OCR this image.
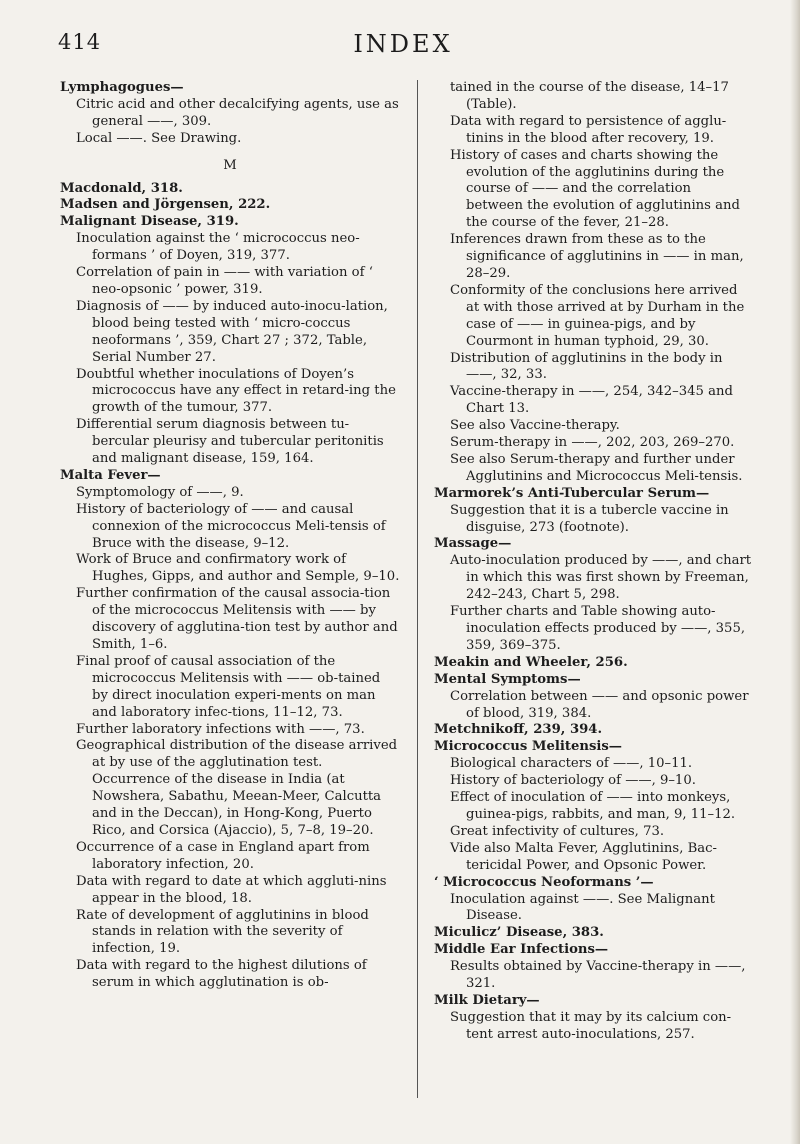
414	INDEX
Lymphagogues—
Citric acid and other decalcifying agents, use as general ——, 309.
Local ——. See Drawing.
M
Macdonald, 318.
Madsen and Jörgensen, 222.
Malignant Disease, 319.
Inoculation against the ‘ micrococcus neo-formans ’ of Doyen, 319, 377.
Correlation of pain in —— with variation of ‘ neo-opsonic ’ power, 319.
Diagnosis of —— by induced auto-inocu-lation, blood being tested with ‘ micro-coccus neoformans ’, 359, Chart 27 ; 372, Table, Serial Number 27.
Doubtful whether inoculations of Doyen’s micrococcus have any effect in retard-ing the growth of the tumour, 377.
Differential serum diagnosis between tu-bercular pleurisy and tubercular peritonitis and malignant disease, 159, 164.
Malta Fever—
Symptomology of ——, 9.
History of bacteriology of —— and causal connexion of the micrococcus Meli-tensis of Bruce with the disease, 9–12.
Work of Bruce and confirmatory work of Hughes, Gipps, and author and Semple, 9–10.
Further confirmation of the causal associa-tion of the micrococcus Melitensis with —— by discovery of agglutina-tion test by author and Smith, 1–6.
Final proof of causal association of the micrococcus Melitensis with —— ob-tained by direct inoculation experi-ments on man and laboratory infec-tions, 11–12, 73.
Further laboratory infections with ——, 73.
Geographical distribution of the disease arrived at by use of the agglutination test. Occurrence of the disease in India (at Nowshera, Sabathu, Meean-Meer, Calcutta and in the Deccan), in Hong-Kong, Puerto Rico, and Corsica (Ajaccio), 5, 7–8, 19–20.
Occurrence of a case in England apart from laboratory infection, 20.
Data with regard to date at which aggluti-nins appear in the blood, 18.
Rate of development of agglutinins in blood stands in relation with the severity of infection, 19.
Data with regard to the highest dilutions of serum in which agglutination is ob-
tained in the course of the disease, 14–17 (Table).
Data with regard to persistence of agglu-tinins in the blood after recovery, 19.
History of cases and charts showing the evolution of the agglutinins during the course of —— and the correlation between the evolution of agglutinins and the course of the fever, 21–28.
Inferences drawn from these as to the significance of agglutinins in —— in man, 28–29.
Conformity of the conclusions here arrived at with those arrived at by Durham in the case of —— in guinea-pigs, and by Courmont in human typhoid, 29, 30.
Distribution of agglutinins in the body in ——, 32, 33.
Vaccine-therapy in ——, 254, 342–345 and Chart 13.
See also Vaccine-therapy.
Serum-therapy in ——, 202, 203, 269–270.
See also Serum-therapy and further under Agglutinins and Micrococcus Meli-tensis.
Marmorek’s Anti-Tubercular Serum—
Suggestion that it is a tubercle vaccine in disguise, 273 (footnote).
Massage—
Auto-inoculation produced by ——, and chart in which this was first shown by Freeman, 242–243, Chart 5, 298.
Further charts and Table showing auto-inoculation effects produced by ——, 355, 359, 369–375.
Meakin and Wheeler, 256.
Mental Symptoms—
Correlation between —— and opsonic power of blood, 319, 384.
Metchnikoff, 239, 394.
Micrococcus Melitensis—
Biological characters of ——, 10–11.
History of bacteriology of ——, 9–10.
Effect of inoculation of —— into monkeys, guinea-pigs, rabbits, and man, 9, 11–12.
Great infectivity of cultures, 73.
Vide also Malta Fever, Agglutinins, Bac-tericidal Power, and Opsonic Power.
‘ Micrococcus Neoformans ’—
Inoculation against ——. See Malignant Disease.
Miculicz’ Disease, 383.
Middle Ear Infections—
Results obtained by Vaccine-therapy in ——, 321.
Milk Dietary—
Suggestion that it may by its calcium con-tent arrest auto-inoculations, 257.
